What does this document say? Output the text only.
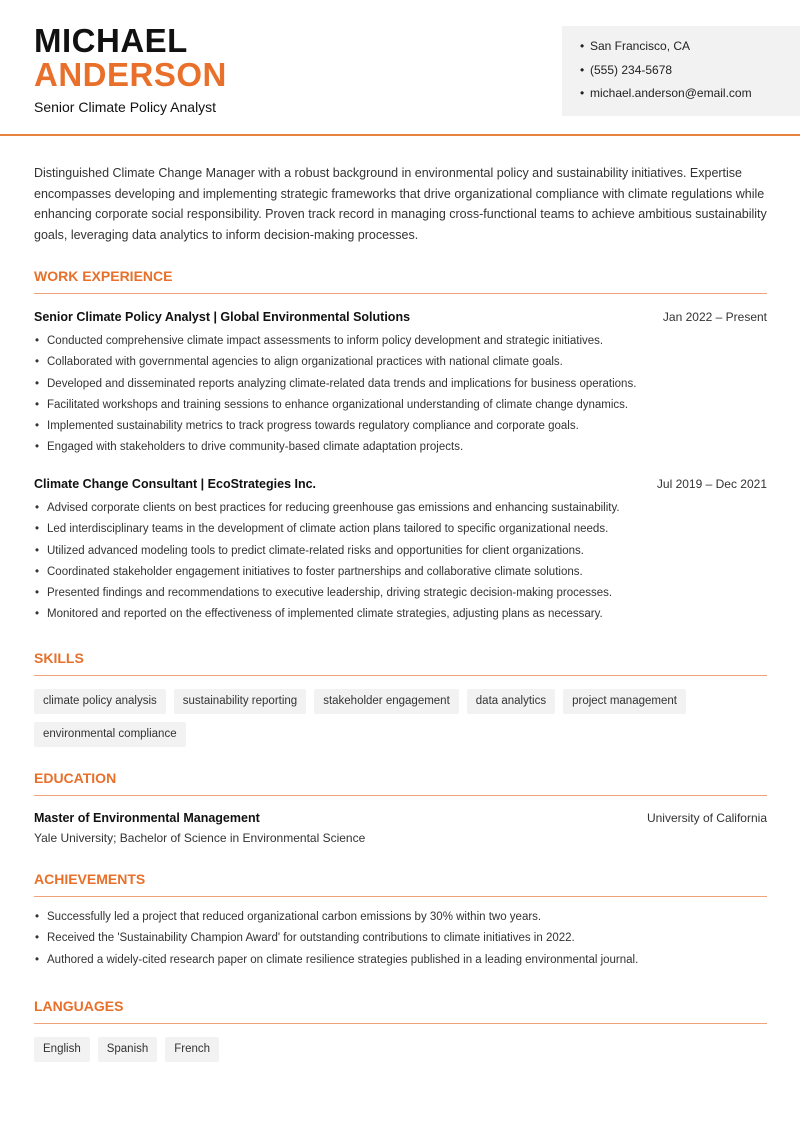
MICHAEL
ANDERSON
Senior Climate Policy Analyst
• San Francisco, CA
• (555) 234-5678
• michael.anderson@email.com

Distinguished Climate Change Manager with a robust background in environmental policy and sustainability initiatives. Expertise encompasses developing and implementing strategic frameworks that drive organizational compliance with climate regulations while enhancing corporate social responsibility. Proven track record in managing cross-functional teams to achieve ambitious sustainability goals, leveraging data analytics to inform decision-making processes.

WORK EXPERIENCE
Senior Climate Policy Analyst | Global Environmental Solutions	Jan 2022 – Present
• Conducted comprehensive climate impact assessments to inform policy development and strategic initiatives.
• Collaborated with governmental agencies to align organizational practices with national climate goals.
• Developed and disseminated reports analyzing climate-related data trends and implications for business operations.
• Facilitated workshops and training sessions to enhance organizational understanding of climate change dynamics.
• Implemented sustainability metrics to track progress towards regulatory compliance and corporate goals.
• Engaged with stakeholders to drive community-based climate adaptation projects.
Climate Change Consultant | EcoStrategies Inc.	Jul 2019 – Dec 2021
• Advised corporate clients on best practices for reducing greenhouse gas emissions and enhancing sustainability.
• Led interdisciplinary teams in the development of climate action plans tailored to specific organizational needs.
• Utilized advanced modeling tools to predict climate-related risks and opportunities for client organizations.
• Coordinated stakeholder engagement initiatives to foster partnerships and collaborative climate solutions.
• Presented findings and recommendations to executive leadership, driving strategic decision-making processes.
• Monitored and reported on the effectiveness of implemented climate strategies, adjusting plans as necessary.
SKILLS
climate policy analysis	sustainability reporting	stakeholder engagement	data analytics	project management
environmental compliance
EDUCATION
Master of Environmental Management	University of California
Yale University; Bachelor of Science in Environmental Science
ACHIEVEMENTS
• Successfully led a project that reduced organizational carbon emissions by 30% within two years.
• Received the 'Sustainability Champion Award' for outstanding contributions to climate initiatives in 2022.
• Authored a widely-cited research paper on climate resilience strategies published in a leading environmental journal.
LANGUAGES
English	Spanish	French
